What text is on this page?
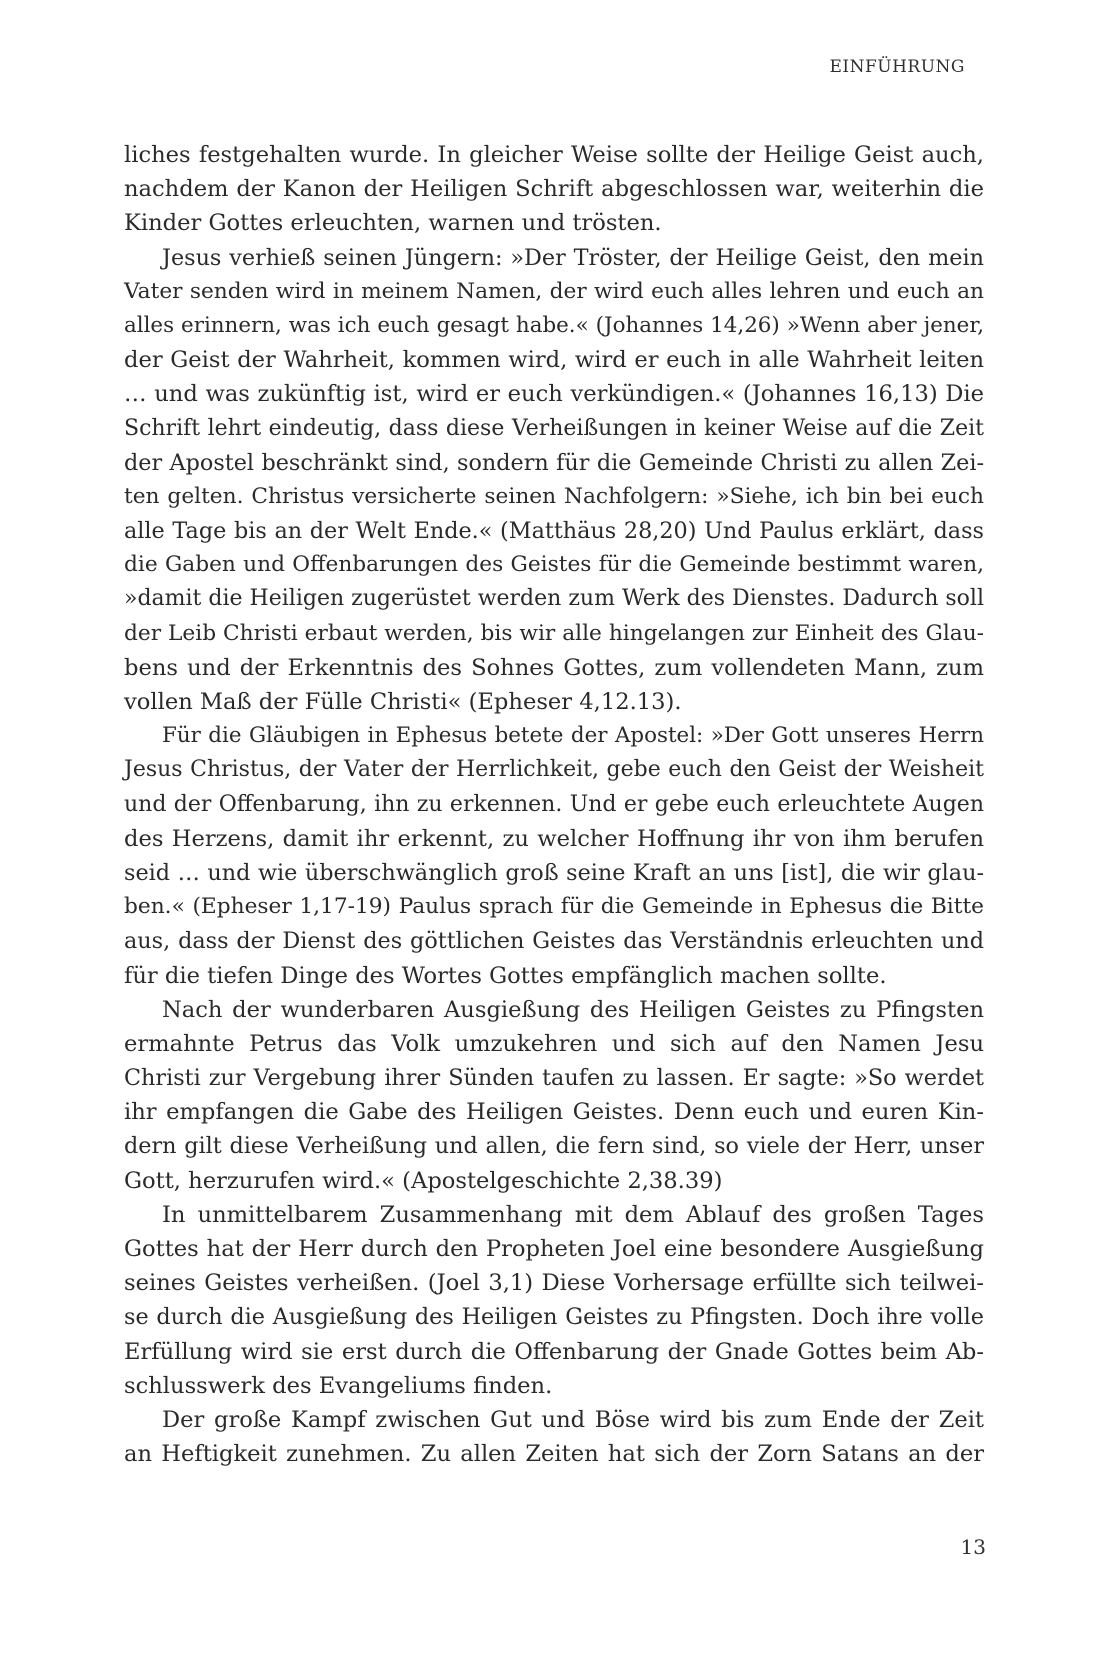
EINFÜHRUNG

liches festgehalten wurde. In gleicher Weise sollte der Heilige Geist auch,
nachdem der Kanon der Heiligen Schrift abgeschlossen war, weiterhin die
Kinder Gottes erleuchten, warnen und trösten.
Jesus verhieß seinen Jüngern: »Der Tröster, der Heilige Geist, den mein
Vater senden wird in meinem Namen, der wird euch alles lehren und euch an
alles erinnern, was ich euch gesagt habe.« (Johannes 14,26) »Wenn aber jener,
der Geist der Wahrheit, kommen wird, wird er euch in alle Wahrheit leiten
… und was zukünftig ist, wird er euch verkündigen.« (Johannes 16,13) Die
Schrift lehrt eindeutig, dass diese Verheißungen in keiner Weise auf die Zeit
der Apostel beschränkt sind, sondern für die Gemeinde Christi zu allen Zei-
ten gelten. Christus versicherte seinen Nachfolgern: »Siehe, ich bin bei euch
alle Tage bis an der Welt Ende.« (Matthäus 28,20) Und Paulus erklärt, dass
die Gaben und Offenbarungen des Geistes für die Gemeinde bestimmt waren,
»damit die Heiligen zugerüstet werden zum Werk des Dienstes. Dadurch soll
der Leib Christi erbaut werden, bis wir alle hingelangen zur Einheit des Glau-
bens und der Erkenntnis des Sohnes Gottes, zum vollendeten Mann, zum
vollen Maß der Fülle Christi« (Epheser 4,12.13).
Für die Gläubigen in Ephesus betete der Apostel: »Der Gott unseres Herrn
Jesus Christus, der Vater der Herrlichkeit, gebe euch den Geist der Weisheit
und der Offenbarung, ihn zu erkennen. Und er gebe euch erleuchtete Augen
des Herzens, damit ihr erkennt, zu welcher Hoffnung ihr von ihm berufen
seid … und wie überschwänglich groß seine Kraft an uns [ist], die wir glau-
ben.« (Epheser 1,17-19) Paulus sprach für die Gemeinde in Ephesus die Bitte
aus, dass der Dienst des göttlichen Geistes das Verständnis erleuchten und
für die tiefen Dinge des Wortes Gottes empfänglich machen sollte.
Nach der wunderbaren Ausgießung des Heiligen Geistes zu Pfingsten
ermahnte Petrus das Volk umzukehren und sich auf den Namen Jesu
Christi zur Vergebung ihrer Sünden taufen zu lassen. Er sagte: »So werdet
ihr empfangen die Gabe des Heiligen Geistes. Denn euch und euren Kin-
dern gilt diese Verheißung und allen, die fern sind, so viele der Herr, unser
Gott, herzurufen wird.« (Apostelgeschichte 2,38.39)
In unmittelbarem Zusammenhang mit dem Ablauf des großen Tages
Gottes hat der Herr durch den Propheten Joel eine besondere Ausgießung
seines Geistes verheißen. (Joel 3,1) Diese Vorhersage erfüllte sich teilwei-
se durch die Ausgießung des Heiligen Geistes zu Pfingsten. Doch ihre volle
Erfüllung wird sie erst durch die Offenbarung der Gnade Gottes beim Ab-
schlusswerk des Evangeliums finden.
Der große Kampf zwischen Gut und Böse wird bis zum Ende der Zeit
an Heftigkeit zunehmen. Zu allen Zeiten hat sich der Zorn Satans an der

13
